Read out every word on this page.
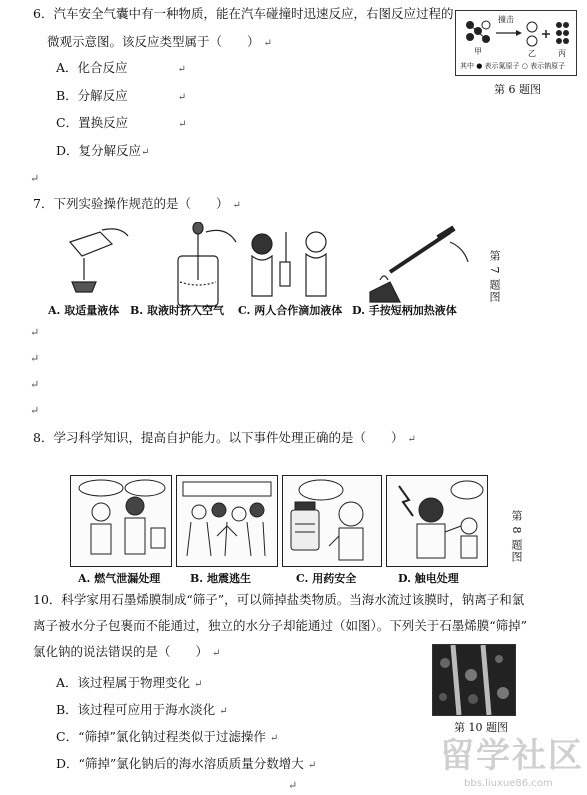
6．汽车安全气囊中有一种物质，能在汽车碰撞时迅速反应，右图反应过程的
微观示意图。该反应类型属于（　　） ↵
A．化合反应	↵
B．分解反应	↵
C．置换反应	↵
D．复分解反应↵
撞击
甲	乙	丙
其中 ● 表示氮原子 ○ 表示钠原子
第 6 题图
↵
7．下列实验操作规范的是（　　） ↵
A. 取适量液体 B. 取液时挤入空气 C. 两人合作滴加液体 D. 手按短柄加热液体
第 7 题图
↵
↵
↵
↵
8．学习科学知识，提高自护能力。以下事件处理正确的是（　　） ↵
A. 燃气泄漏处理	B. 地震逃生	C. 用药安全	D. 触电处理
第 8 题图
10．科学家用石墨烯膜制成“筛子”，可以筛掉盐类物质。当海水流过该膜时，钠离子和氯
离子被水分子包裹而不能通过，独立的水分子却能通过（如图）。下列关于石墨烯膜“筛掉”
氯化钠的说法错误的是（　　） ↵
A．该过程属于物理变化 ↵
B．该过程可应用于海水淡化 ↵
C．“筛掉”氯化钠过程类似于过滤操作 ↵
D．“筛掉”氯化钠后的海水溶质质量分数增大 ↵
第 10 题图
↵
留学社区
bbs.liuxue86.com
